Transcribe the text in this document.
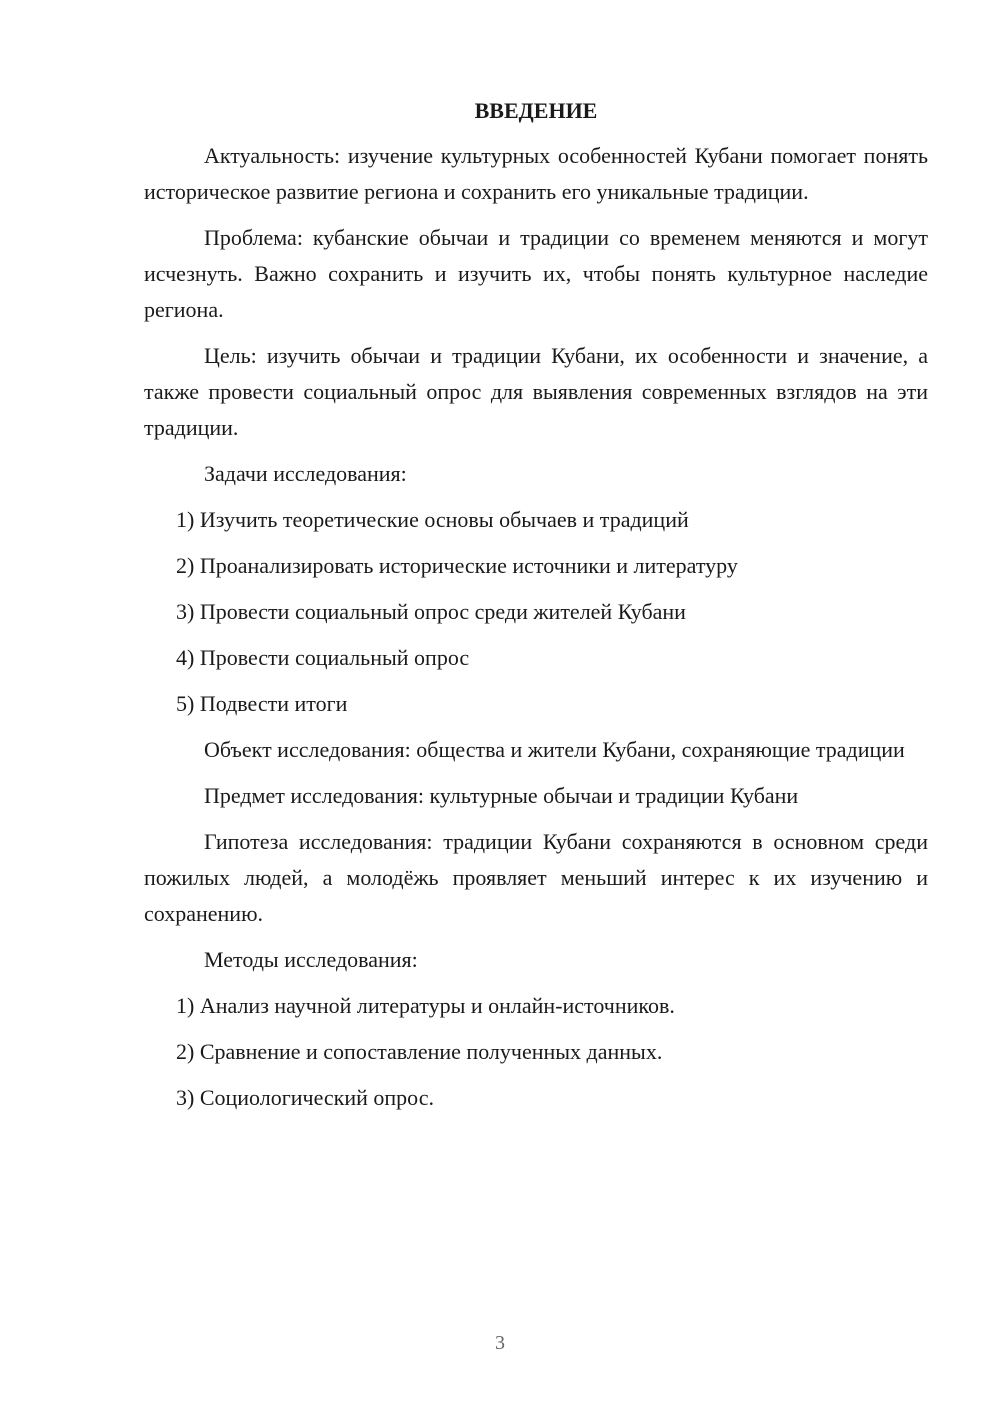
ВВЕДЕНИЕ

Актуальность: изучение культурных особенностей Кубани помогает понять историческое развитие региона и сохранить его уникальные традиции.

Проблема: кубанские обычаи и традиции со временем меняются и могут исчезнуть. Важно сохранить и изучить их, чтобы понять культурное наследие региона.

Цель: изучить обычаи и традиции Кубани, их особенности и значение, а также провести социальный опрос для выявления современных взглядов на эти традиции.

Задачи исследования:

1) Изучить теоретические основы обычаев и традиций

2) Проанализировать исторические источники и литературу

3) Провести социальный опрос среди жителей Кубани

4) Провести социальный опрос

5) Подвести итоги

Объект исследования: общества и жители Кубани, сохраняющие традиции

Предмет исследования: культурные обычаи и традиции Кубани

Гипотеза исследования: традиции Кубани сохраняются в основном среди пожилых людей, а молодёжь проявляет меньший интерес к их изучению и сохранению.

Методы исследования:

1) Анализ научной литературы и онлайн-источников.

2) Сравнение и сопоставление полученных данных.

3) Социологический опрос.

3
